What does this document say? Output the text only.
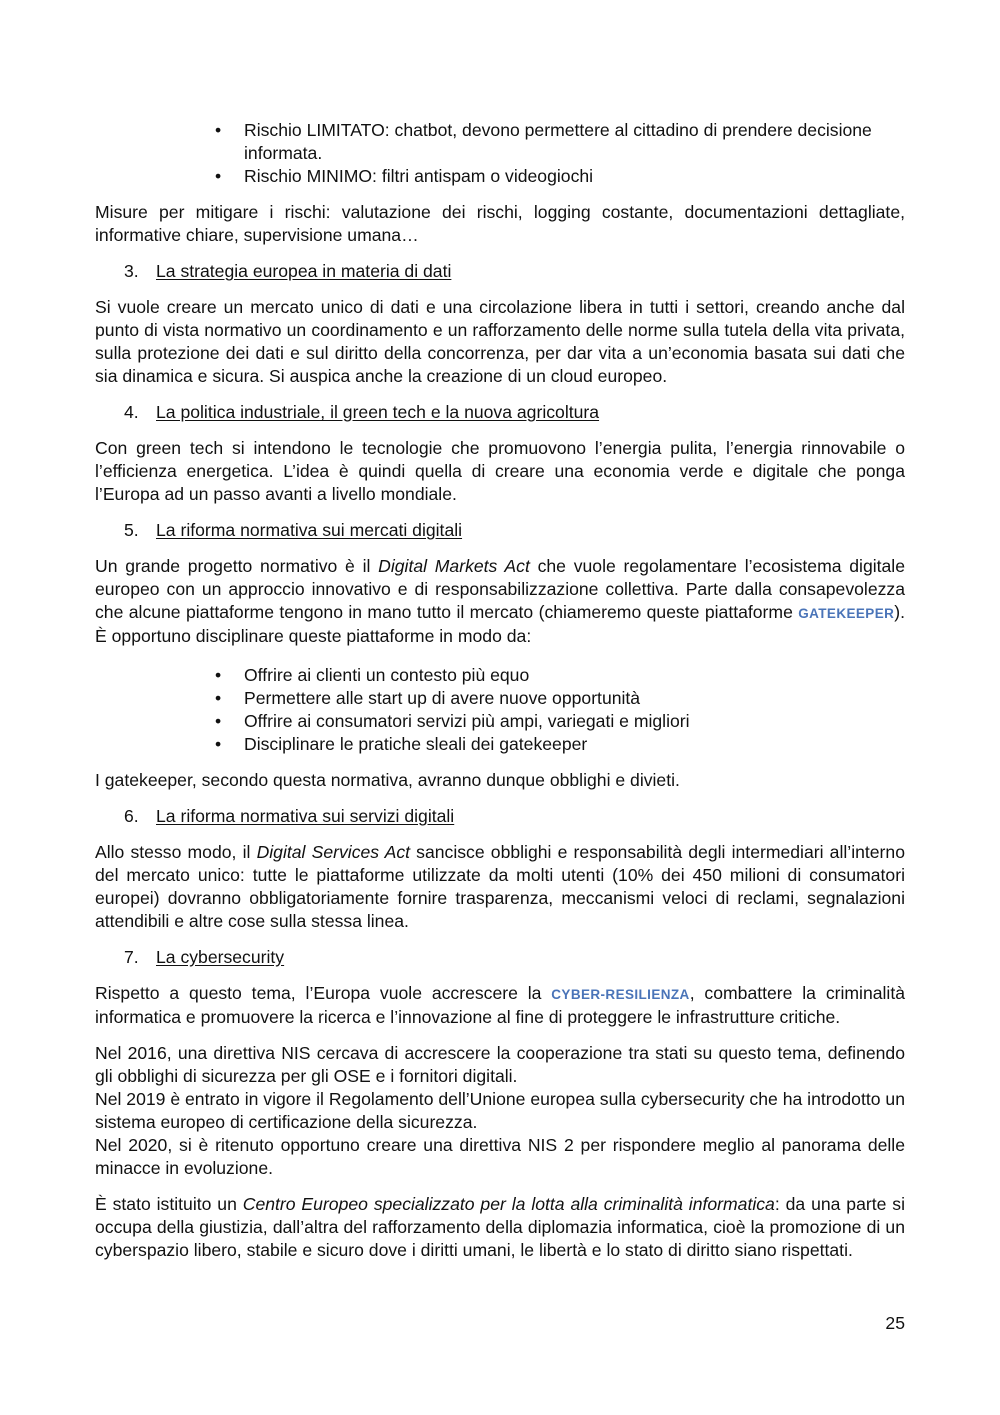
• Rischio LIMITATO: chatbot, devono permettere al cittadino di prendere decisione informata.
• Rischio MINIMO: filtri antispam o videogiochi

Misure per mitigare i rischi: valutazione dei rischi, logging costante, documentazioni dettagliate, informative chiare, supervisione umana…

3. La strategia europea in materia di dati

Si vuole creare un mercato unico di dati e una circolazione libera in tutti i settori, creando anche dal punto di vista normativo un coordinamento e un rafforzamento delle norme sulla tutela della vita privata, sulla protezione dei dati e sul diritto della concorrenza, per dar vita a un’economia basata sui dati che sia dinamica e sicura. Si auspica anche la creazione di un cloud europeo.

4. La politica industriale, il green tech e la nuova agricoltura

Con green tech si intendono le tecnologie che promuovono l’energia pulita, l’energia rinnovabile o l’efficienza energetica. L’idea è quindi quella di creare una economia verde e digitale che ponga l’Europa ad un passo avanti a livello mondiale.

5. La riforma normativa sui mercati digitali

Un grande progetto normativo è il Digital Markets Act che vuole regolamentare l’ecosistema digitale europeo con un approccio innovativo e di responsabilizzazione collettiva. Parte dalla consapevolezza che alcune piattaforme tengono in mano tutto il mercato (chiameremo queste piattaforme GATEKEEPER). È opportuno disciplinare queste piattaforme in modo da:

• Offrire ai clienti un contesto più equo
• Permettere alle start up di avere nuove opportunità
• Offrire ai consumatori servizi più ampi, variegati e migliori
• Disciplinare le pratiche sleali dei gatekeeper

I gatekeeper, secondo questa normativa, avranno dunque obblighi e divieti.

6. La riforma normativa sui servizi digitali

Allo stesso modo, il Digital Services Act sancisce obblighi e responsabilità degli intermediari all’interno del mercato unico: tutte le piattaforme utilizzate da molti utenti (10% dei 450 milioni di consumatori europei) dovranno obbligatoriamente fornire trasparenza, meccanismi veloci di reclami, segnalazioni attendibili e altre cose sulla stessa linea.

7. La cybersecurity

Rispetto a questo tema, l’Europa vuole accrescere la CYBER-RESILIENZA, combattere la criminalità informatica e promuovere la ricerca e l’innovazione al fine di proteggere le infrastrutture critiche.

Nel 2016, una direttiva NIS cercava di accrescere la cooperazione tra stati su questo tema, definendo gli obblighi di sicurezza per gli OSE e i fornitori digitali.

Nel 2019 è entrato in vigore il Regolamento dell’Unione europea sulla cybersecurity che ha introdotto un sistema europeo di certificazione della sicurezza.

Nel 2020, si è ritenuto opportuno creare una direttiva NIS 2 per rispondere meglio al panorama delle minacce in evoluzione.

È stato istituito un Centro Europeo specializzato per la lotta alla criminalità informatica: da una parte si occupa della giustizia, dall’altra del rafforzamento della diplomazia informatica, cioè la promozione di un cyberspazio libero, stabile e sicuro dove i diritti umani, le libertà e lo stato di diritto siano rispettati.

25
